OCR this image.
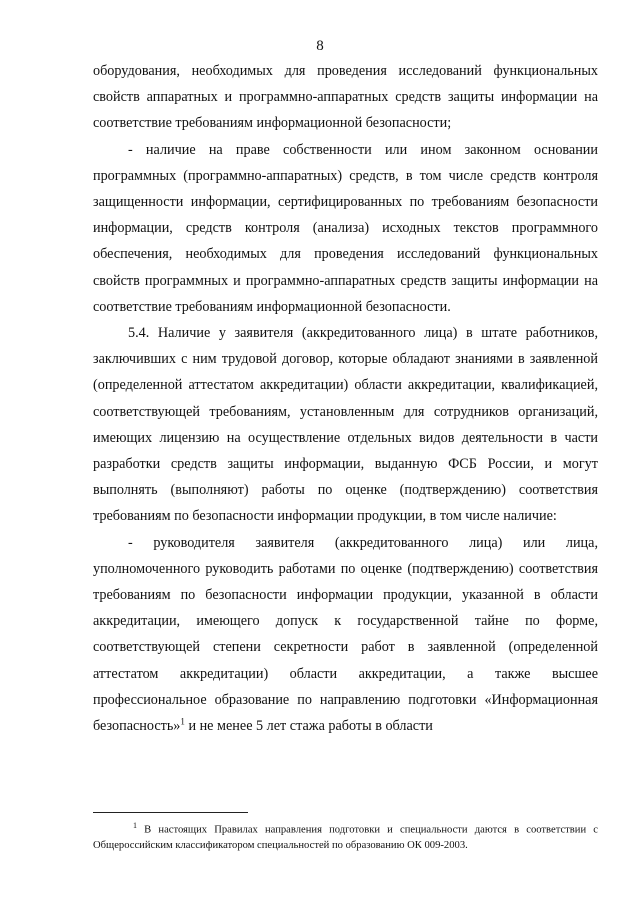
8

оборудования, необходимых для проведения исследований функциональных свойств аппаратных и программно-аппаратных средств защиты информации на соответствие требованиям информационной безопасности;

- наличие на праве собственности или ином законном основании программных (программно-аппаратных) средств, в том числе средств контроля защищенности информации, сертифицированных по требованиям безопасности информации, средств контроля (анализа) исходных текстов программного обеспечения, необходимых для проведения исследований функциональных свойств программных и программно-аппаратных средств защиты информации на соответствие требованиям информационной безопасности.

5.4. Наличие у заявителя (аккредитованного лица) в штате работников, заключивших с ним трудовой договор, которые обладают знаниями в заявленной (определенной аттестатом аккредитации) области аккредитации, квалификацией, соответствующей требованиям, установленным для сотрудников организаций, имеющих лицензию на осуществление отдельных видов деятельности в части разработки средств защиты информации, выданную ФСБ России, и могут выполнять (выполняют) работы по оценке (подтверждению) соответствия требованиям по безопасности информации продукции, в том числе наличие:

- руководителя заявителя (аккредитованного лица) или лица, уполномоченного руководить работами по оценке (подтверждению) соответствия требованиям по безопасности информации продукции, указанной в области аккредитации, имеющего допуск к государственной тайне по форме, соответствующей степени секретности работ в заявленной (определенной аттестатом аккредитации) области аккредитации, а также высшее профессиональное образование по направлению подготовки «Информационная безопасность»$^1$ и не менее 5 лет стажа работы в области

$^1$ В настоящих Правилах направления подготовки и специальности даются в соответствии с Общероссийским классификатором специальностей по образованию ОК 009-2003.
